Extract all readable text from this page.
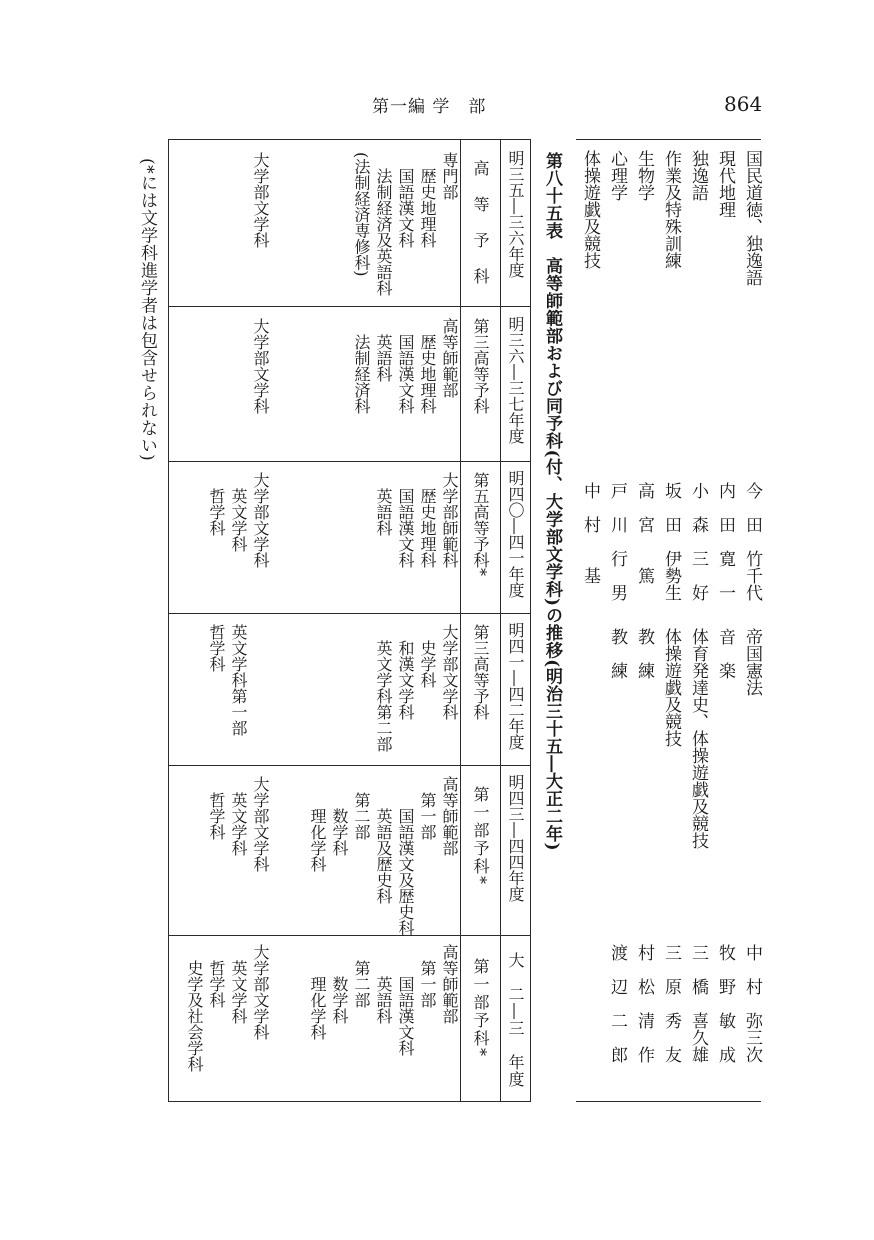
第一編 学　部	864
国民道徳、独逸語
現代地理
独逸語
作業及特殊訓練
生物学
心理学
体操遊戯及競技
今　田　竹千代
内　田　寛　一
小　森　三　好
坂　田　伊勢生
高　宮　　篤
戸　川　行　男
中　村　　基
帝国憲法
音　楽
体育発達史、体操遊戯及競技
体操遊戯及競技
教　練
教　練
中　村　弥三次
牧　野　敏　成
三　橋　喜久雄
三　原　秀　友
村　松　清　作
渡　辺　二　郎
第八十五表　高等師範部および同予科(付、大学部文学科)の推移(明治三十五―大正二年)
明三五―三六年度
高　等　予　科
専門部
　歴史地理科
　国語漢文科
　法制経済及英語科
(法制経済専修科)
大学部文学科
明三六―三七年度
第三高等予科
高等師範部
　歴史地理科
　国語漢文科
　英語科
　法制経済科
大学部文学科
明四〇―四一年度
第五高等予科*
大学部師範科
　歴史地理科
　国語漢文科
　英語科
大学部文学科
　英文学科
　哲学科
明四一―四二年度
第三高等予科
大学部文学科
　史学科
　和漢文学科
　英文学科第二部
英文学科第一部
哲学科
明四三―四四年度
第一部予科*
高等師範部
　第一部
　　国語漢文及歴史科
　　英語及歴史科
　第二部
　　数学科
　　理化学科
大学部文学科
　英文学科
　哲学科
大　二―三　年度
第一部予科*
高等師範部
　第一部
　　国語漢文科
　　英語科
　第二部
　　数学科
　　理化学科
大学部文学科
　英文学科
　哲学科
　史学及社会学科
(*には文学科進学者は包含せられない)
